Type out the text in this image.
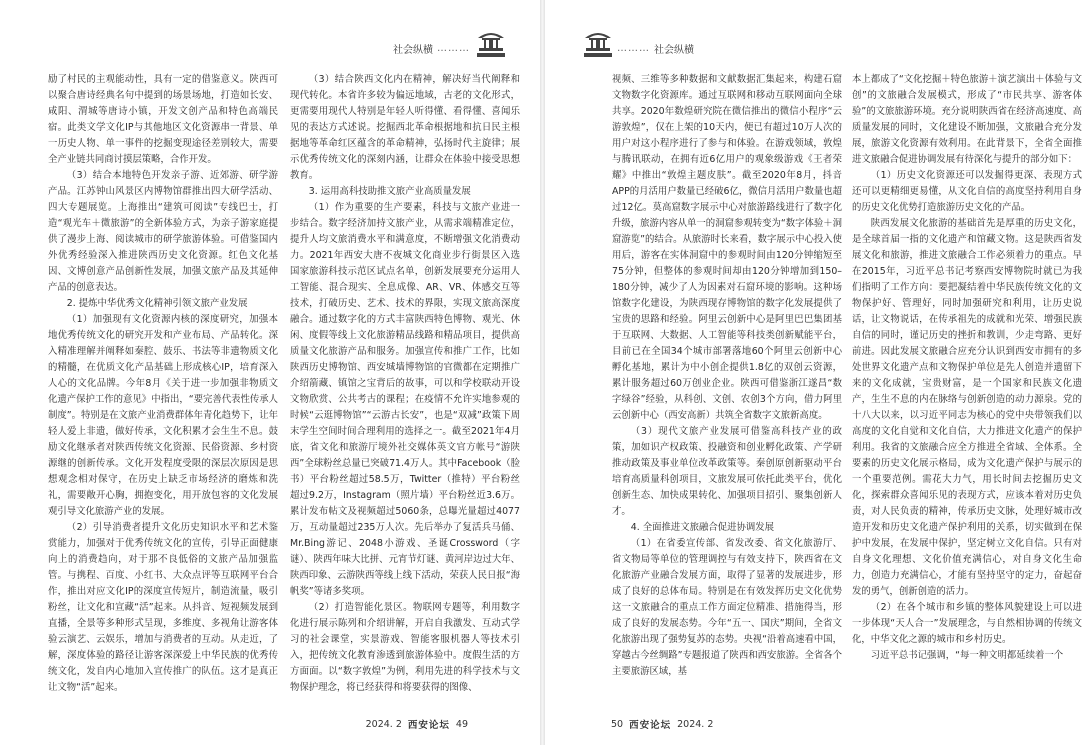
社会纵横 ………

励了村民的主观能动性，具有一定的借鉴意义。陕西可以聚合唐诗经典名句中提到的场景场地，打造如长安、咸阳、渭城等唐诗小镇，开发文创产品和特色高端民宿。此类文学文化IP与其他地区文化资源串一背景、单一历史人物、单一事件的挖掘变现途径差别较大，需要全产业链共同商讨摸层策略，合作开发。

（3）结合本地特色开发亲子游、近郊游、研学游产品。江苏钟山风景区内博物馆群推出四大研学活动、四大专题展览。上海推出“建筑可阅读”专线巴士，打造“观光车＋微旅游”的全新体验方式，为亲子游家庭提供了漫步上海、阅读城市的研学旅游体验。可借鉴国内外优秀经验深入推进陕西历史文化资源。红色文化基因、文博创意产品创新性发展，加强文旅产品及其延伸产品的创意表达。

2. 提炼中华优秀文化精神引领文旅产业发展

（1）加强现有文化资源内核的深度研究，加强本地优秀传统文化的研究开发和产业布局、产品转化。深入精准理解并阐释如秦腔、鼓乐、书法等非遗物质文化的精髓，在优质文化产品基础上形成核心IP，培育深入人心的文化品牌。今年8月《关于进一步加强非物质文化遗产保护工作的意见》中指出，“要完善代表性传承人制度”。特别是在文旅产业消费群体年青化趋势下，让年轻人爱上非遗，做好传承，文化积累才会生生不息。鼓励文化继承者对陕西传统文化资源、民俗资源、乡村资源继的创新传承。文化开发程度受限的深层次原因是思想观念相对保守，在历史上缺乏市场经济的磨炼和洗礼，需要敞开心胸，拥抱变化，用开放包容的文化发展观引导文化旅游产业的发展。

（2）引导消费者提升文化历史知识水平和艺术鉴赏能力，加强对于优秀传统文化的宣传，引导正面健康向上的消费趋向，对于那不良低俗的文旅产品加强监管。与携程、百度、小红书、大众点评等互联网平台合作，推出对应文化IP的深度宣传短片，制造流量，吸引粉丝，让文化和宣藏“活”起来。从抖音、短视频发展到直播，全景等多种形式呈现，多维度、多视角让游客体验云演艺、云娱乐，增加与消费者的互动。从走近，了解，深度体验的路径让游客深深爱上中华民族的优秀传统文化，发自内心地加入宣传推广的队伍。这才是真正让文物“活”起来。

（3）结合陕西文化内在精神，解决好当代阐释和现代转化。本省许多较为偏远地域，古老的文化形式，更需要用现代人特别是年轻人听得懂、看得懂、喜闻乐见的表达方式述说。挖掘西北革命根据地和抗日民主根据地等革命红区蕴含的革命精神，弘扬时代主旋律；展示优秀传统文化的深刻内涵，让群众在体验中接受思想教育。

3. 运用高科技助推文旅产业高质量发展

（1）作为重要的生产要素，科技与文旅产业进一步结合。数字经济加持文旅产业，从需求端精准定位，提升人均文旅消费水平和满意度，不断增强文化消费动力。2021年西安大唐不夜城文化商业步行街景区入选国家旅游科技示范区试点名单，创新发展要充分运用人工智能、混合现实、全息成像、AR、VR、体感交互等技术，打破历史、艺术、技术的界限，实现文旅高深度融合。通过数字化的方式丰富陕西特色博物、观光、休闲、度假等线上文化旅游精品线路和精品项目，提供高质量文化旅游产品和服务。加强宣传和推广工作，比如陕西历史博物馆、西安城墙博物馆的官微都在定期推广介绍箭藏、镇馆之宝背后的故事，可以和学校联动开设文物欣赏、公共考古的课程；在疫情不允许实地参观的时候“云逛博物馆”“云游古长安”，也是“双减”政策下周末学生空间时间合理利用的选择之一。截至2021年4月底，省文化和旅游厅境外社交媒体英文官方帐号“游陕西”全球粉丝总量已突破71.4万人。其中Facebook（脸书）平台粉丝超过58.5万，Twitter（推特）平台粉丝超过9.2万，Instagram（照片墙）平台粉丝近3.6万。累计发布帖文及视频超过5060条，总曝光量超过4077万，互动量超过235万人次。先后举办了复活兵马俑、Mr.Bing游记、2048小游戏、圣诞Crossword（字谜）、陕西年味大比拼、元宵节灯谜、黄河岸边过大年、陕西印象、云游陕西等线上线下活动，荣获人民日报“海帆奖”等诸多奖项。

（2）打造智能化景区。物联网专题等，利用数字化进行展示陈列和介绍讲解，开启自我激发、互动式学习的社会课堂，实景游戏、智能客服机器人等技术引入，把传统文化教育渗透到旅游体验中。度假生活的方方面面。以“数字敦煌”为例，利用先进的科学技术与文物保护理念，将已经获得和将要获得的图像、

2024. 2 西安论坛 49
……… 社会纵横

视频、三维等多种数据和文献数据汇集起来，构建石窟文物数字化资源库。通过互联网和移动互联网面向全球共享。2020年数煌研究院在微信推出的微信小程序“云游敦煌”，仅在上架的10天内，便已有超过10万人次的用户对这小程序进行了参与和体验。在游戏领域，敦煌与腾讯联动，在拥有近6亿用户的观象级游戏《王者荣耀》中推出“敦煌主题皮肤”。截至2020年8月，抖音APP的月活用户数量已经破6亿，微信月活用户数量也超过12亿。莫高窟数字展示中心对旅游路线进行了数字化升级，旅游内容从单一的洞窟参观转变为“数字体验＋洞窟游览”的结合。从旅游时长来看，数字展示中心投入使用后，游客在实体洞窟中的参观时间由120分钟缩短至75分钟，但整体的参观时间却由120分钟增加到150–180分钟，减少了人为因素对石窟环境的影响。这种场馆数字化建设，为陕西现存博物馆的数字化发展提供了宝贵的思路和经验。阿里云创新中心是阿里巴巴集团基于互联网、大数据、人工智能等科技类创新赋能平台，目前已在全国34个城市部署落地60个阿里云创新中心孵化基地，累计为中小创企提供1.8亿的双创云资源，累计服务超过60万创业企业。陕西可借鉴浙江遂昌“数字绿谷”经验，从科创、文创、农创3个方向，借力阿里云创新中心（西安高新）共筑全省数字文旅新高度。

（3）现代文旅产业发展可借鉴高科技产业的政策，加如识产权政策、投融资和创业孵化政策、产学研推动政策及事业单位改革政策等。秦创原创新驱动平台培育高质量科创项目，文旅发展可依托此类平台，优化创新生态、加快成果转化、加强项目招引、聚集创新人才。

4. 全面推进文旅融合促进协调发展

（1）在省委宣传部、省发改委、省文化旅游厅、省文物局等单位的管理调控与有效支持下，陕西省在文化旅游产业融合发展方面，取得了显著的发展进步，形成了良好的总体布局。特别是在有效发挥历史文化优势这一文旅融合的重点工作方面定位精准、措施得当，形成了良好的发展态势。今年“五一、国庆”期间，全省文化旅游出现了强势复苏的态势。央视“沿着高速看中国，穿越古今丝绸路”专题报道了陕西和西安旅游。全省各个主要旅游区域，基

本上都成了“文化挖掘＋特色旅游＋演艺演出＋体验与文创”的文旅融合发展模式，形成了“市民共享、游客体验”的文旅旅游环境。充分说明陕西省在经济高速度、高质量发展的同时，文化建设不断加强，文旅融合充分发展，旅游文化资源有效利用。在此背景下，全省全面推进文旅融合促进协调发展有待深化与提升的部分如下：

（1）历史文化资源还可以发掘得更深、表现方式还可以更精细更易懂，从文化自信的高度坚持利用自身的历史文化优势打造旅游历史文化的产品。

陕西发展文化旅游的基础首先是厚重的历史文化，是全球首届一指的文化遗产和馆藏文物。这是陕西省发展文化和旅游，推进文旅融合工作必须着力的重点。早在2015年，习近平总书记考察西安博物院时就已为我们指明了工作方向：要把凝结着中华民族传统文化的文物保护好、管理好，同时加强研究和利用，让历史说话，让文物说话，在传承祖先的成就和光荣、增强民族自信的同时，谨记历史的挫折和教训，少走弯路、更好前进。因此发展文旅融合应充分认识到西安市拥有的多处世界文化遗产点和文物保护单位是先人创造并遗留下来的文化成就，宝贵财富，是一个国家和民族文化遗产，生生不息的内在脉络与创新创造的动力源泉。党的十八大以来，以习近平同志为核心的党中央带领我们以高度的文化自觉和文化自信，大力推进文化遗产的保护利用。我省的文旅融合应全方推进全省域、全体系。全要素的历史文化展示格局，成为文化遗产保护与展示的一个重要范例。需花大力气，用长时间去挖掘历史文化，探索群众喜闻乐见的表现方式，应该本着对历史负责，对人民负责的精神，传承历史文脉，处理好城市改造开发和历史文化遗产保护利用的关系，切实做到在保护中发展，在发展中保护，坚定树立文化自信。只有对自身文化理想、文化价值充满信心，对自身文化生命力，创造力充满信心，才能有坚持坚守的定力，奋起奋发的勇气，创新创造的活力。

（2）在各个城市和乡镇的整体风貌建设上可以进一步体现“天人合一”发展理念，与自然相协调的传统文化，中华文化之源的城市和乡村历史。

习近平总书记强调，“每一种文明都延续着一个

50 西安论坛 2024. 2
